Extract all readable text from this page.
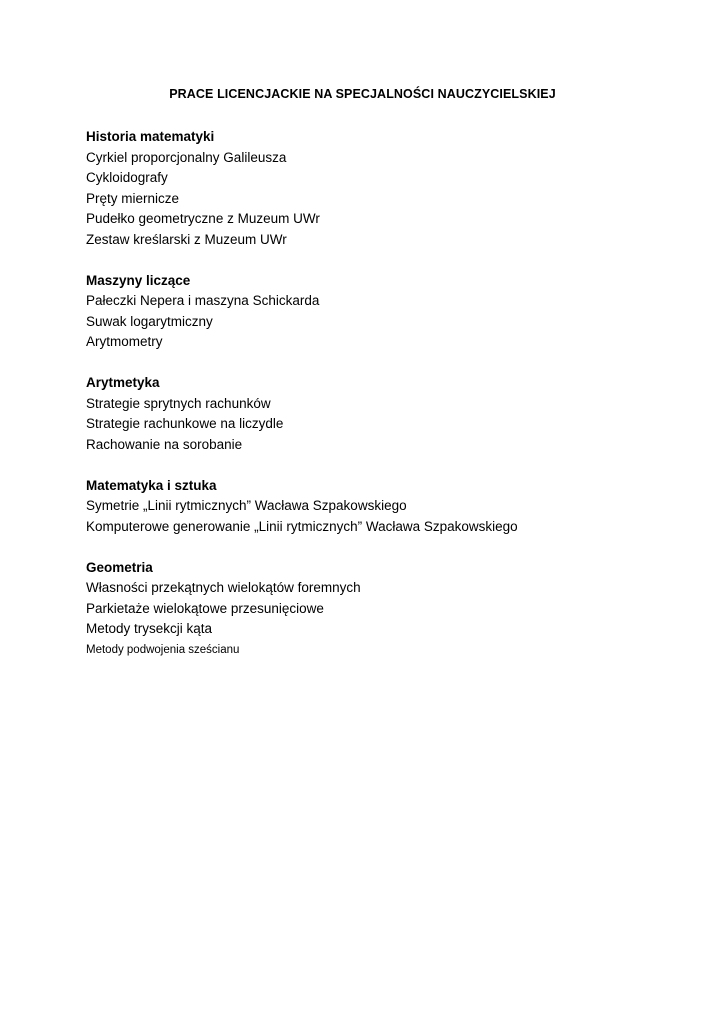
PRACE LICENCJACKIE NA SPECJALNOŚCI NAUCZYCIELSKIEJ
Historia matematyki
Cyrkiel proporcjonalny Galileusza
Cykloidografy
Pręty miernicze
Pudełko geometryczne z Muzeum UWr
Zestaw kreślarski z Muzeum UWr
Maszyny liczące
Pałeczki Nepera i maszyna Schickarda
Suwak logarytmiczny
Arytmometry
Arytmetyka
Strategie sprytnych rachunków
Strategie rachunkowe na liczydle
Rachowanie na sorobanie
Matematyka i sztuka
Symetrie „Linii rytmicznych” Wacława Szpakowskiego
Komputerowe generowanie „Linii rytmicznych” Wacława Szpakowskiego
Geometria
Własności przekątnych wielokątów foremnych
Parkietaże wielokątowe przesunięciowe
Metody trysekcji kąta
Metody podwojenia sześcianu
